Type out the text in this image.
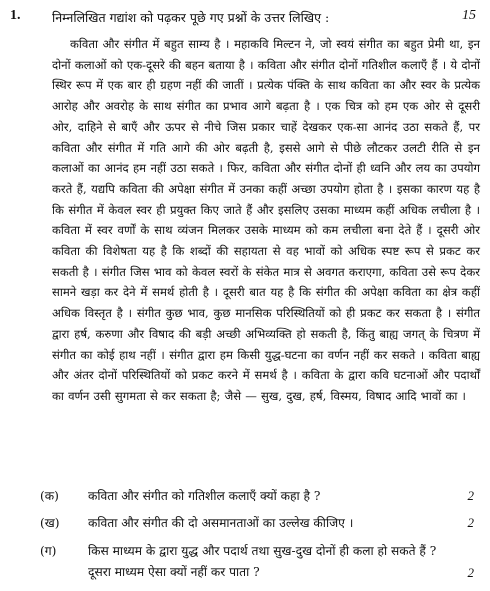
1.	निम्नलिखित गद्यांश को पढ़कर पूछे गए प्रश्नों के उत्तर लिखिए :	15

कविता और संगीत में बहुत साम्य है । महाकवि मिल्टन ने, जो स्वयं संगीत का बहुत प्रेमी था, इन दोनों कलाओं को एक-दूसरे की बहन बताया है । कविता और संगीत दोनों गतिशील कलाएँ हैं । ये दोनों स्थिर रूप में एक बार ही ग्रहण नहीं की जातीं । प्रत्येक पंक्ति के साथ कविता का और स्वर के प्रत्येक आरोह और अवरोह के साथ संगीत का प्रभाव आगे बढ़ता है । एक चित्र को हम एक ओर से दूसरी ओर, दाहिने से बाएँ और ऊपर से नीचे जिस प्रकार चाहें देखकर एक-सा आनंद उठा सकते हैं, पर कविता और संगीत में गति आगे की ओर बढ़ती है, इससे आगे से पीछे लौटकर उलटी रीति से इन कलाओं का आनंद हम नहीं उठा सकते । फिर, कविता और संगीत दोनों ही ध्वनि और लय का उपयोग करते हैं, यद्यपि कविता की अपेक्षा संगीत में उनका कहीं अच्छा उपयोग होता है । इसका कारण यह है कि संगीत में केवल स्वर ही प्रयुक्त किए जाते हैं और इसलिए उसका माध्यम कहीं अधिक लचीला है । कविता में स्वर वर्णों के साथ व्यंजन मिलकर उसके माध्यम को कम लचीला बना देते हैं । दूसरी ओर कविता की विशेषता यह है कि शब्दों की सहायता से वह भावों को अधिक स्पष्ट रूप से प्रकट कर सकती है । संगीत जिस भाव को केवल स्वरों के संकेत मात्र से अवगत कराएगा, कविता उसे रूप देकर सामने खड़ा कर देने में समर्थ होती है । दूसरी बात यह है कि संगीत की अपेक्षा कविता का क्षेत्र कहीं अधिक विस्तृत है । संगीत कुछ भाव, कुछ मानसिक परिस्थितियों को ही प्रकट कर सकता है । संगीत द्वारा हर्ष, करुणा और विषाद की बड़ी अच्छी अभिव्यक्ति हो सकती है, किंतु बाह्य जगत् के चित्रण में संगीत का कोई हाथ नहीं । संगीत द्वारा हम किसी युद्ध-घटना का वर्णन नहीं कर सकते । कविता बाह्य और अंतर दोनों परिस्थितियों को प्रकट करने में समर्थ है । कविता के द्वारा कवि घटनाओं और पदार्थों का वर्णन उसी सुगमता से कर सकता है; जैसे — सुख, दुख, हर्ष, विस्मय, विषाद आदि भावों का ।

(क) कविता और संगीत को गतिशील कलाएँ क्यों कहा है ?	2
(ख) कविता और संगीत की दो असमानताओं का उल्लेख कीजिए ।	2
(ग)	किस माध्यम के द्वारा युद्ध और पदार्थ तथा सुख-दुख दोनों ही कला हो सकते हैं ? दूसरा माध्यम ऐसा क्यों नहीं कर पाता ?	2
